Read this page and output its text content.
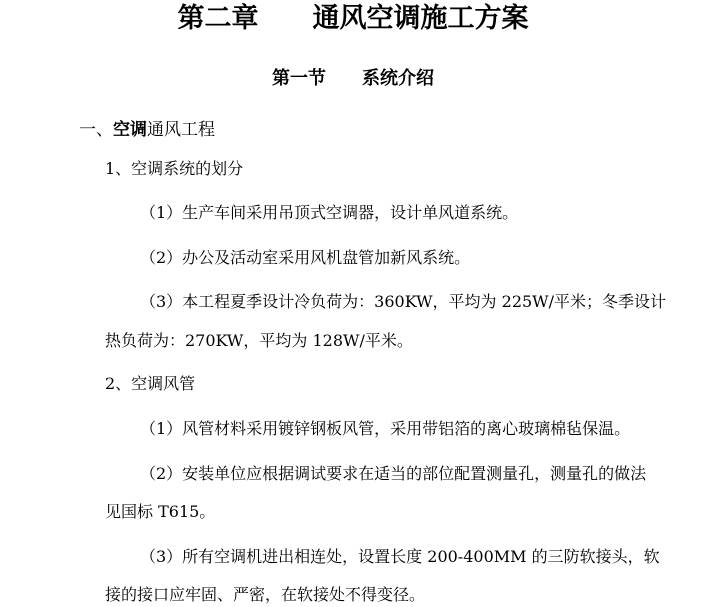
第二章 通风空调施工方案
第一节 系统介绍
一、空调通风工程
1、空调系统的划分
（1）生产车间采用吊顶式空调器，设计单风道系统。
（2）办公及活动室采用风机盘管加新风系统。
（3）本工程夏季设计冷负荷为：360KW，平均为 225W/平米；冬季设计
热负荷为：270KW，平均为 128W/平米。
2、空调风管
（1）风管材料采用镀锌钢板风管，采用带铝箔的离心玻璃棉毡保温。
（2）安装单位应根据调试要求在适当的部位配置测量孔，测量孔的做法
见国标 T615。
（3）所有空调机进出相连处，设置长度 200-400MM 的三防软接头，软
接的接口应牢固、严密，在软接处不得变径。
